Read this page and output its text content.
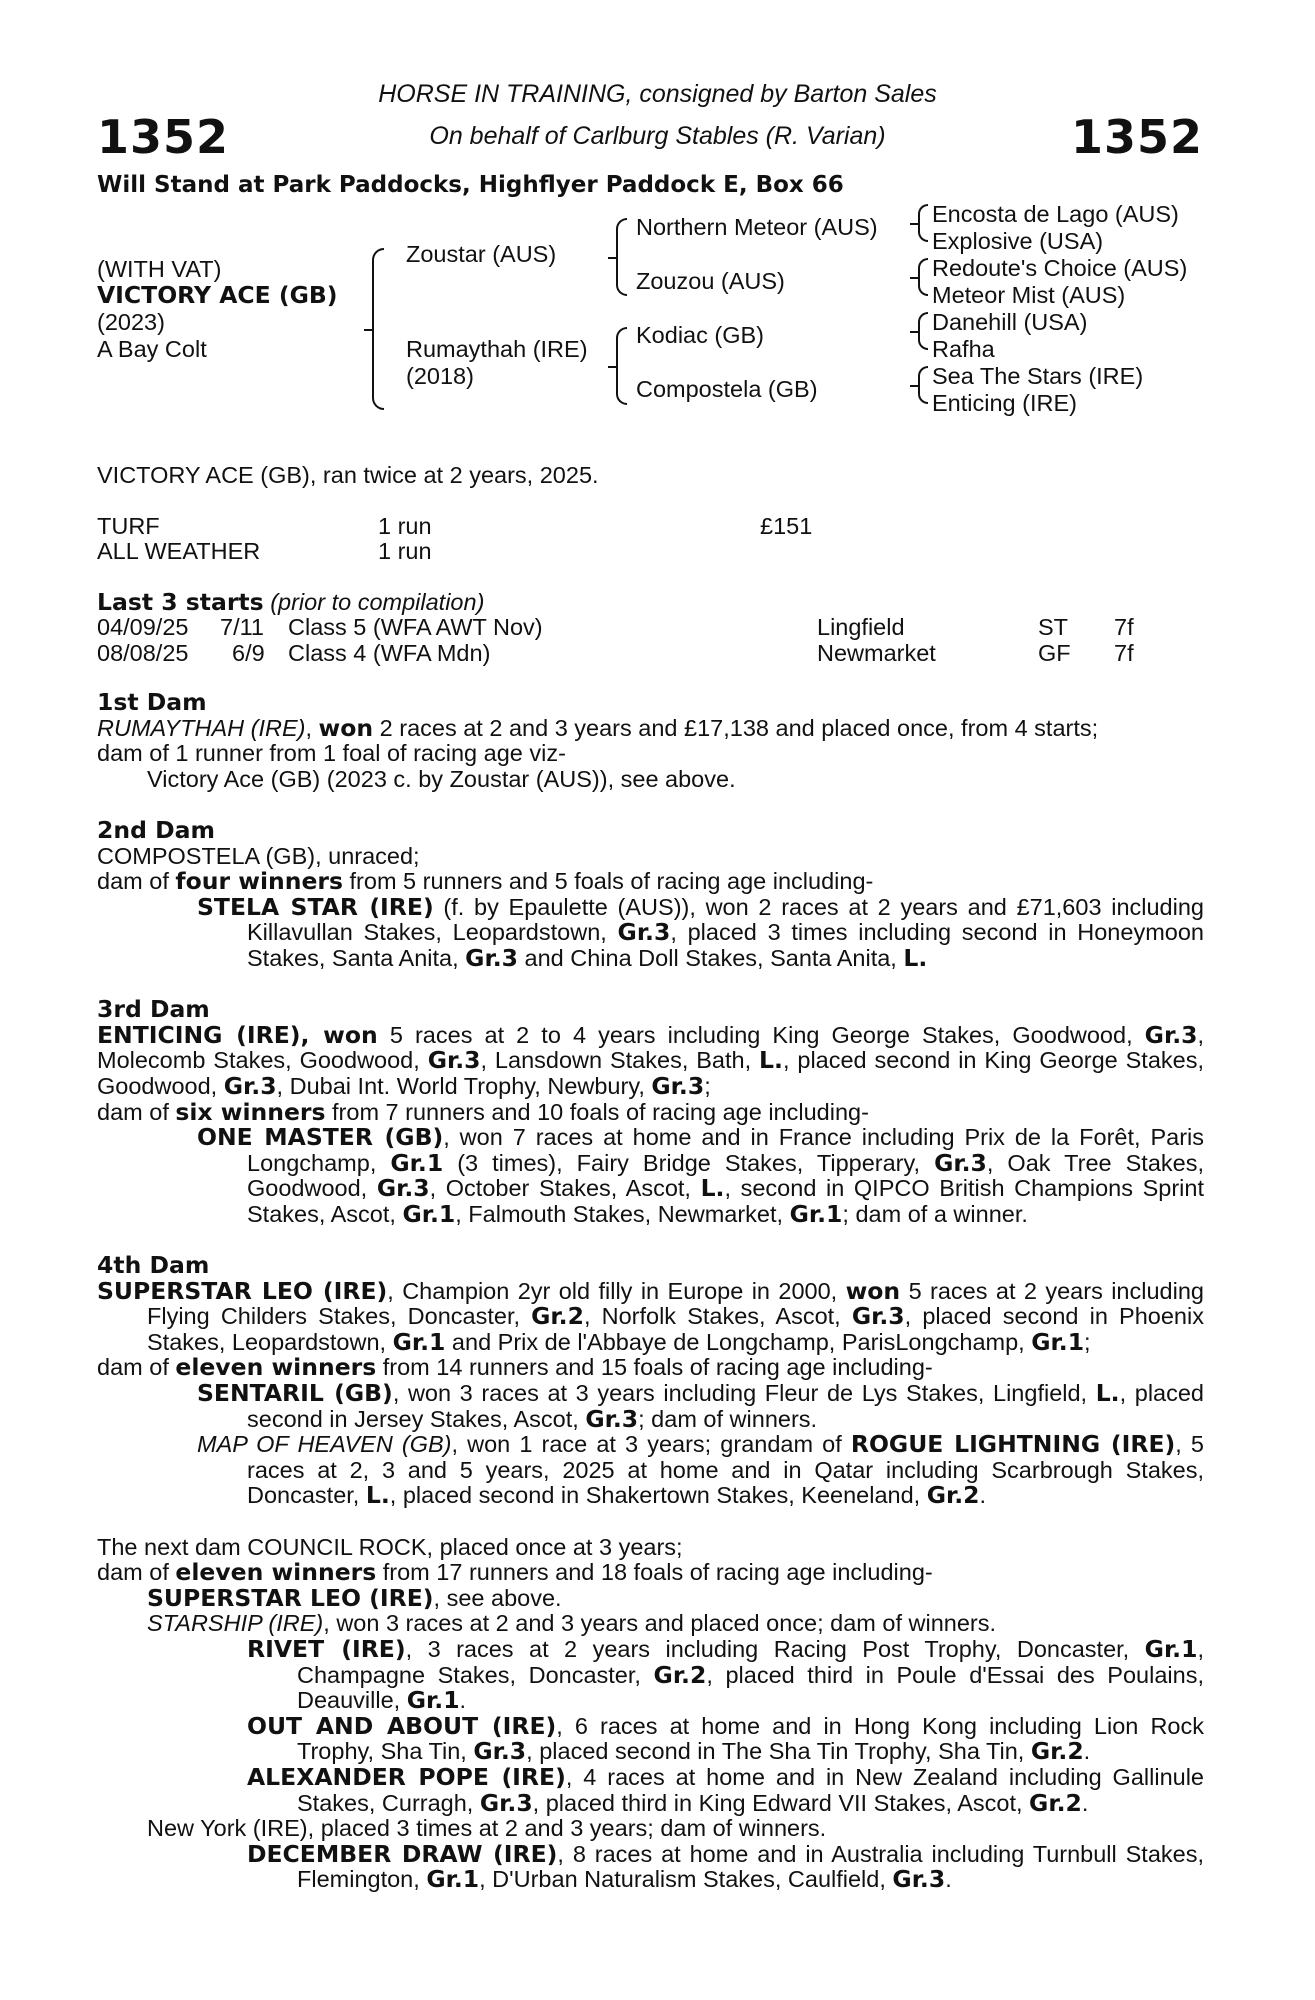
1352	1352
HORSE IN TRAINING, consigned by Barton Sales
On behalf of Carlburg Stables (R. Varian)
Will Stand at Park Paddocks, Highflyer Paddock E, Box 66
(WITH VAT)
VICTORY ACE (GB)
(2023)
A Bay Colt
Zoustar (AUS)
Rumaythah (IRE)
(2018)
Northern Meteor (AUS)
Zouzou (AUS)
Kodiac (GB)
Compostela (GB)
Encosta de Lago (AUS)
Explosive (USA)
Redoute's Choice (AUS)
Meteor Mist (AUS)
Danehill (USA)
Rafha
Sea The Stars (IRE)
Enticing (IRE)
VICTORY ACE (GB), ran twice at 2 years, 2025.
TURF	1 run	£151
ALL WEATHER	1 run
Last 3 starts (prior to compilation)
04/09/25 7/11 Class 5 (WFA AWT Nov)	Lingfield	ST 7f
08/08/25 6/9 Class 4 (WFA Mdn)	Newmarket	GF 7f

1st Dam

RUMAYTHAH (IRE), won 2 races at 2 and 3 years and £17,138 and placed once, from 4 starts;

dam of 1 runner from 1 foal of racing age viz-

Victory Ace (GB) (2023 c. by Zoustar (AUS)), see above.

2nd Dam

COMPOSTELA (GB), unraced;

dam of four winners from 5 runners and 5 foals of racing age including-

STELA STAR (IRE) (f. by Epaulette (AUS)), won 2 races at 2 years and £71,603 including Killavullan Stakes, Leopardstown, Gr.3, placed 3 times including second in Honeymoon Stakes, Santa Anita, Gr.3 and China Doll Stakes, Santa Anita, L.

3rd Dam

ENTICING (IRE), won 5 races at 2 to 4 years including King George Stakes, Goodwood, Gr.3, Molecomb Stakes, Goodwood, Gr.3, Lansdown Stakes, Bath, L., placed second in King George Stakes, Goodwood, Gr.3, Dubai Int. World Trophy, Newbury, Gr.3;

dam of six winners from 7 runners and 10 foals of racing age including-

ONE MASTER (GB), won 7 races at home and in France including Prix de la Forêt, Paris Longchamp, Gr.1 (3 times), Fairy Bridge Stakes, Tipperary, Gr.3, Oak Tree Stakes, Goodwood, Gr.3, October Stakes, Ascot, L., second in QIPCO British Champions Sprint Stakes, Ascot, Gr.1, Falmouth Stakes, Newmarket, Gr.1; dam of a winner.

4th Dam

SUPERSTAR LEO (IRE), Champion 2yr old filly in Europe in 2000, won 5 races at 2 years including Flying Childers Stakes, Doncaster, Gr.2, Norfolk Stakes, Ascot, Gr.3, placed second in Phoenix Stakes, Leopardstown, Gr.1 and Prix de l'Abbaye de Longchamp, ParisLongchamp, Gr.1;

dam of eleven winners from 14 runners and 15 foals of racing age including-

SENTARIL (GB), won 3 races at 3 years including Fleur de Lys Stakes, Lingfield, L., placed second in Jersey Stakes, Ascot, Gr.3; dam of winners.

MAP OF HEAVEN (GB), won 1 race at 3 years; grandam of ROGUE LIGHTNING (IRE), 5 races at 2, 3 and 5 years, 2025 at home and in Qatar including Scarbrough Stakes, Doncaster, L., placed second in Shakertown Stakes, Keeneland, Gr.2.

The next dam COUNCIL ROCK, placed once at 3 years;

dam of eleven winners from 17 runners and 18 foals of racing age including-

SUPERSTAR LEO (IRE), see above.

STARSHIP (IRE), won 3 races at 2 and 3 years and placed once; dam of winners.

RIVET (IRE), 3 races at 2 years including Racing Post Trophy, Doncaster, Gr.1, Champagne Stakes, Doncaster, Gr.2, placed third in Poule d'Essai des Poulains, Deauville, Gr.1.

OUT AND ABOUT (IRE), 6 races at home and in Hong Kong including Lion Rock Trophy, Sha Tin, Gr.3, placed second in The Sha Tin Trophy, Sha Tin, Gr.2.

ALEXANDER POPE (IRE), 4 races at home and in New Zealand including Gallinule Stakes, Curragh, Gr.3, placed third in King Edward VII Stakes, Ascot, Gr.2.

New York (IRE), placed 3 times at 2 and 3 years; dam of winners.

DECEMBER DRAW (IRE), 8 races at home and in Australia including Turnbull Stakes, Flemington, Gr.1, D'Urban Naturalism Stakes, Caulfield, Gr.3.
